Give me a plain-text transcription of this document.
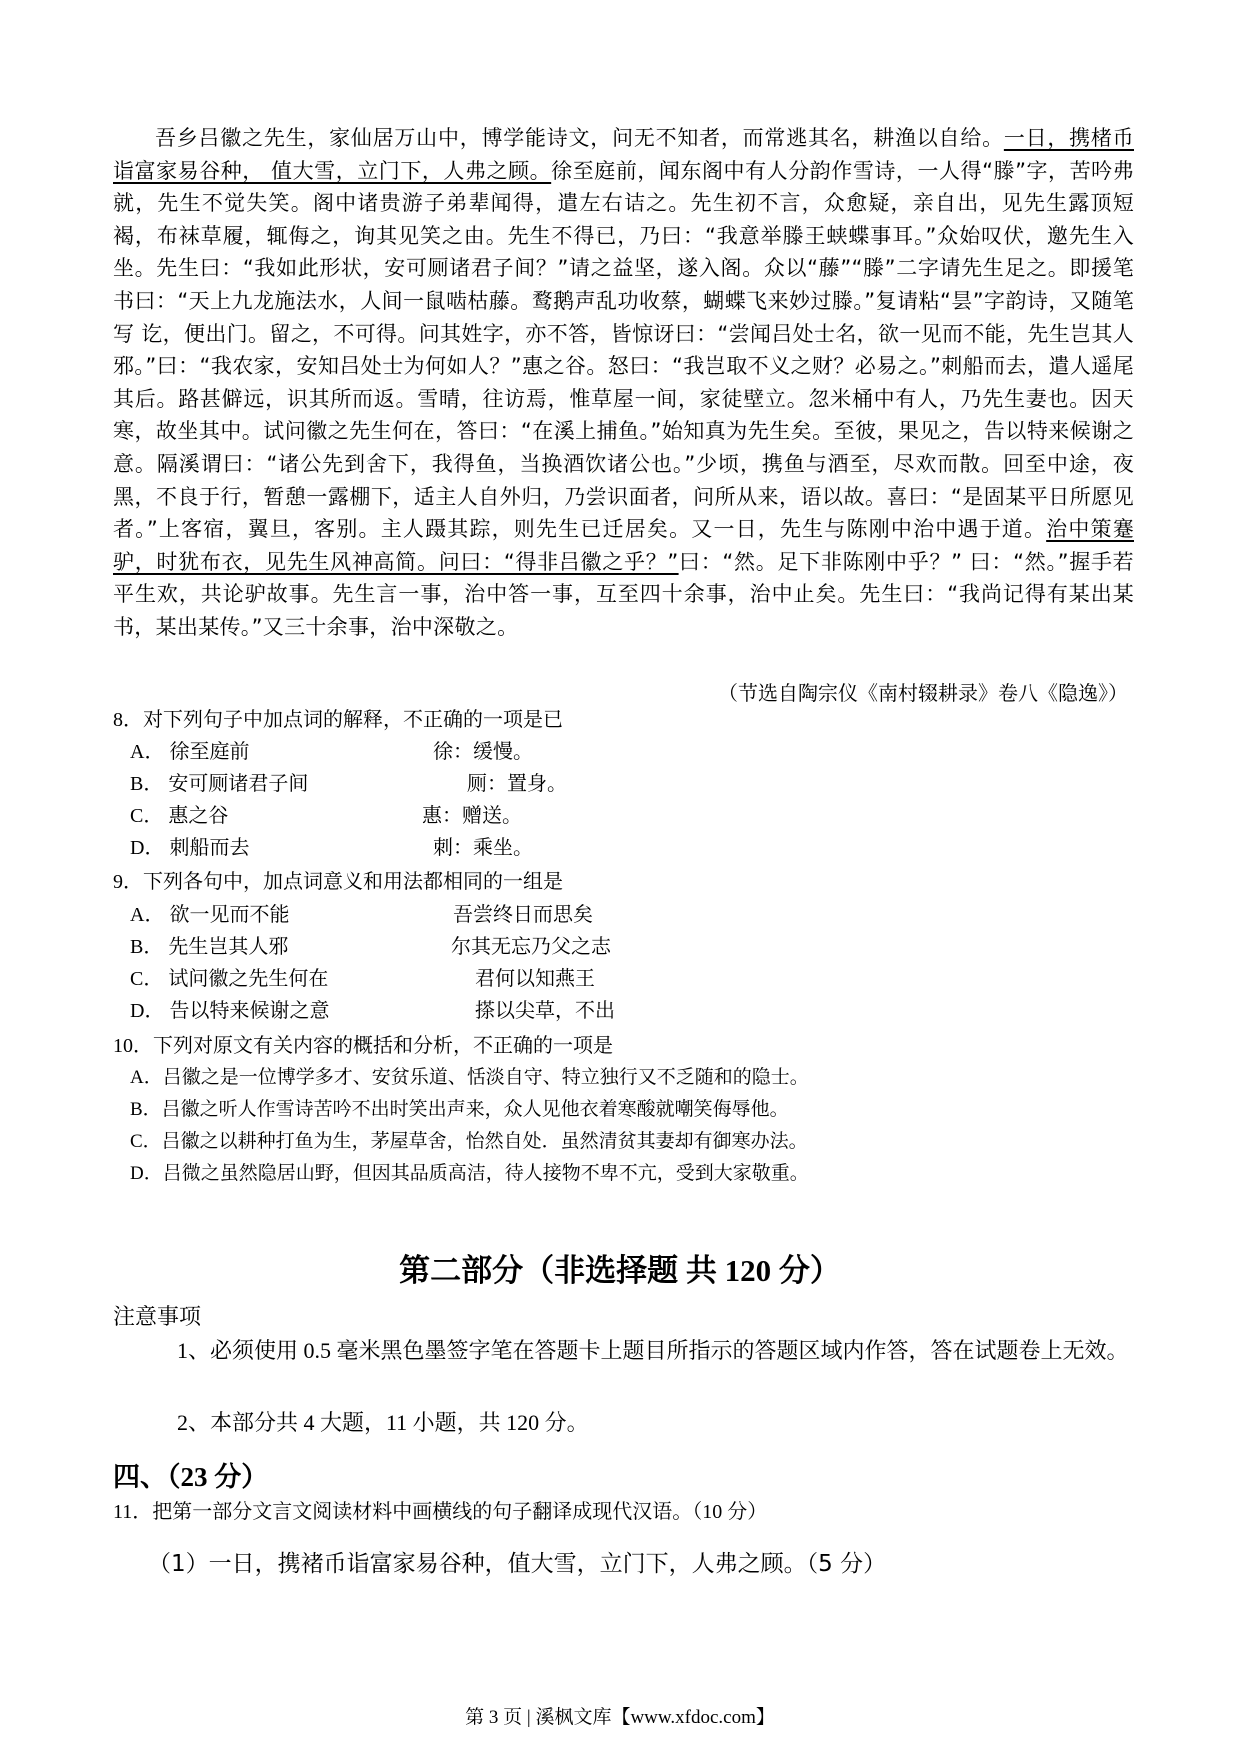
吾乡吕徽之先生，家仙居万山中，博学能诗文，问无不知者，而常逃其名，耕渔以自给。一日，携楮币诣富家易谷种， 值大雪，立门下，人弗之顾。徐至庭前，闻东阁中有人分韵作雪诗，一人得“滕”字，苦吟弗就，先生不觉失笑。阁中诸贵游子弟辈闻得，遣左右诘之。先生初不言，众愈疑，亲自出，见先生露顶短褐，布袜草履，辄侮之，询其见笑之由。先生不得已，乃曰：“我意举滕王蛱蝶事耳。”众始叹伏，邀先生入坐。先生曰：“我如此形状，安可厕诸君子间？”请之益坚，遂入阁。众以“藤”“滕”二字请先生足之。即援笔书曰：“天上九龙施法水，人间一鼠啮枯藤。鹜鹅声乱功收蔡，蝴蝶飞来妙过滕。”复请粘“昙”字韵诗，又随笔写 讫，便出门。留之，不可得。问其姓字，亦不答，皆惊讶曰：“尝闻吕处士名，欲一见而不能，先生岂其人邪。”曰：“我农家，安知吕处士为何如人？”惠之谷。怒曰：“我岂取不义之财？必易之。”刺船而去，遣人遥尾其后。路甚僻远，识其所而返。雪晴，往访焉，惟草屋一间，家徒壁立。忽米桶中有人，乃先生妻也。因天寒，故坐其中。试问徽之先生何在，答曰：“在溪上捕鱼。”始知真为先生矣。至彼，果见之，告以特来候谢之意。隔溪谓曰：“诸公先到舍下，我得鱼，当换酒饮诸公也。”少顷，携鱼与酒至，尽欢而散。回至中途，夜黑，不良于行，暂憩一露棚下，适主人自外归，乃尝识面者，问所从来，语以故。喜曰：“是固某平日所愿见者。”上客宿，翼旦，客别。主人蹑其踪，则先生已迁居矣。又一日，先生与陈刚中治中遇于道。治中策蹇驴，时犹布衣，见先生风神高简。问曰：“得非吕徽之乎？”曰：“然。足下非陈刚中乎？” 曰：“然。”握手若平生欢，共论驴故事。先生言一事，治中答一事，互至四十余事，治中止矣。先生曰：“我尚记得有某出某书，某出某传。”又三十余事，治中深敬之。
（节选自陶宗仪《南村辍耕录》卷八《隐逸》）
8．对下列句子中加点词的解释，不正确的一项是已
A． 徐至庭前	徐：缓慢。
B． 安可厕诸君子间	厕：置身。
C． 惠之谷	惠：赠送。
D． 刺船而去	刺：乘坐。
9．下列各句中，加点词意义和用法都相同的一组是
A． 欲一见而不能	吾尝终日而思矣
B． 先生岂其人邪	尔其无忘乃父之志
C． 试问徽之先生何在	君何以知燕王
D． 告以特来候谢之意	搽以尖草，不出
10．下列对原文有关内容的概括和分析，不正确的一项是
A．吕徽之是一位博学多才、安贫乐道、恬淡自守、特立独行又不乏随和的隐士。
B．吕徽之听人作雪诗苦吟不出时笑出声来，众人见他衣着寒酸就嘲笑侮辱他。
C．吕徽之以耕种打鱼为生，茅屋草舍，怡然自处．虽然清贫其妻却有御寒办法。
D．吕微之虽然隐居山野，但因其品质高洁，待人接物不卑不亢，受到大家敬重。
第二部分（非选择题 共 120 分）
注意事项
1、必须使用 0.5 毫米黑色墨签字笔在答题卡上题目所指示的答题区域内作答，答在试题卷上无效。
2、本部分共 4 大题，11 小题，共 120 分。
四、（23 分）
11．把第一部分文言文阅读材料中画横线的句子翻译成现代汉语。（10 分）
（1）一日，携褚币诣富家易谷种，值大雪，立门下，人弗之顾。（5 分）
第 3 页 | 溪枫文库【www.xfdoc.com】
